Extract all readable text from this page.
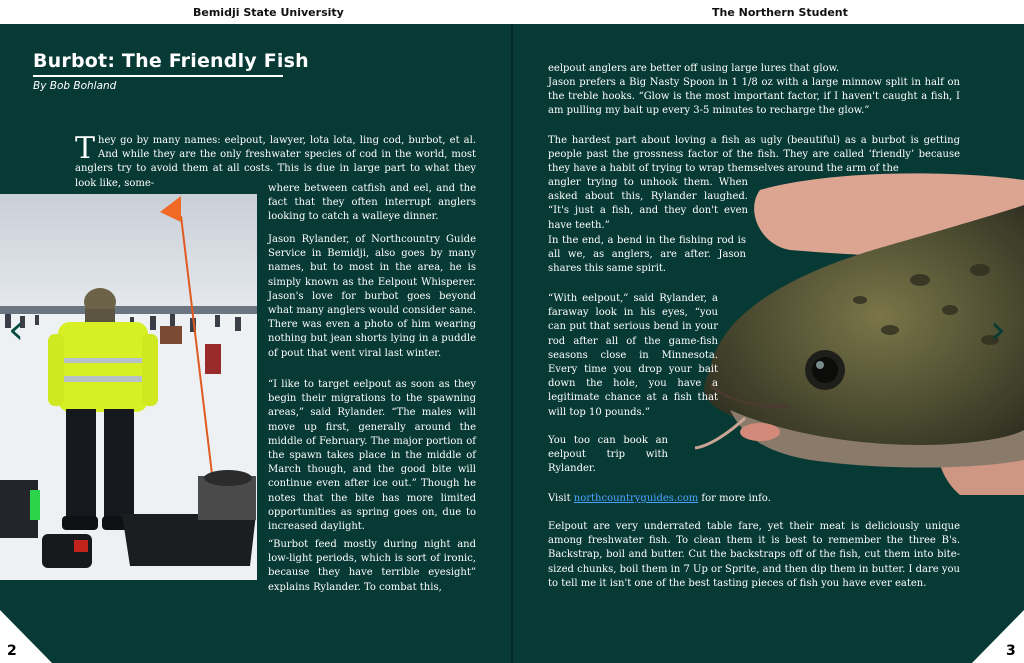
Bemidji State University	The Northern Student
Burbot: The Friendly Fish
By Bob Bohland
They go by many names: eelpout, lawyer, lota lota, ling cod, burbot, et al. And while they are the only freshwater species of cod in the world, most anglers try to avoid them at all costs. This is due in large part to what they look like, some-	where between catfish and eel, and the fact that they often interrupt anglers looking to catch a walleye dinner.
Jason Rylander, of Northcountry Guide Service in Bemidji, also goes by many names, but to most in the area, he is simply known as the Eelpout Whisperer. Jason's love for burbot goes beyond what many anglers would consider sane. There was even a photo of him wearing nothing but jean shorts lying in a puddle of pout that went viral last winter.
“I like to target eelpout as soon as they begin their migrations to the spawning areas,” said Rylander. “The males will move up first, generally around the middle of February. The major portion of the spawn takes place in the middle of March though, and the good bite will continue even after ice out.” Though he notes that the bite has more limited opportunities as spring goes on, due to increased daylight.
“Burbot feed mostly during night and low-light periods, which is sort of ironic, because they have terrible eyesight” explains Rylander. To combat this,
‹
2
eelpout anglers are better off using large lures that glow.
Jason prefers a Big Nasty Spoon in 1 1/8 oz with a large minnow split in half on the treble hooks. “Glow is the most important factor, if I haven't caught a fish, I am pulling my bait up every 3-5 minutes to recharge the glow.”
The hardest part about loving a fish as ugly (beautiful) as a burbot is getting people past the grossness factor of the fish. They are called ‘friendly’ because they have a habit of trying to wrap themselves around the arm of the
angler trying to unhook them. When asked about this, Rylander laughed. “It's just a fish, and they don't even have teeth.”
In the end, a bend in the fishing rod is all we, as anglers, are after. Jason shares this same spirit.
“With eelpout,” said Rylander, a faraway look in his eyes, “you can put that serious bend in your rod after all of the game-fish seasons close in Minnesota. Every time you drop your bait down the hole, you have a legitimate chance at a fish that will top 10 pounds.”
You too can book an eelpout trip with Rylander.
Visit northcountryguides.com for more info.
Eelpout are very underrated table fare, yet their meat is deliciously unique among freshwater fish. To clean them it is best to remember the three B's. Backstrap, boil and butter. Cut the backstraps off of the fish, cut them into bite-sized chunks, boil them in 7 Up or Sprite, and then dip them in butter. I dare you to tell me it isn't one of the best tasting pieces of fish you have ever eaten.
›
3
